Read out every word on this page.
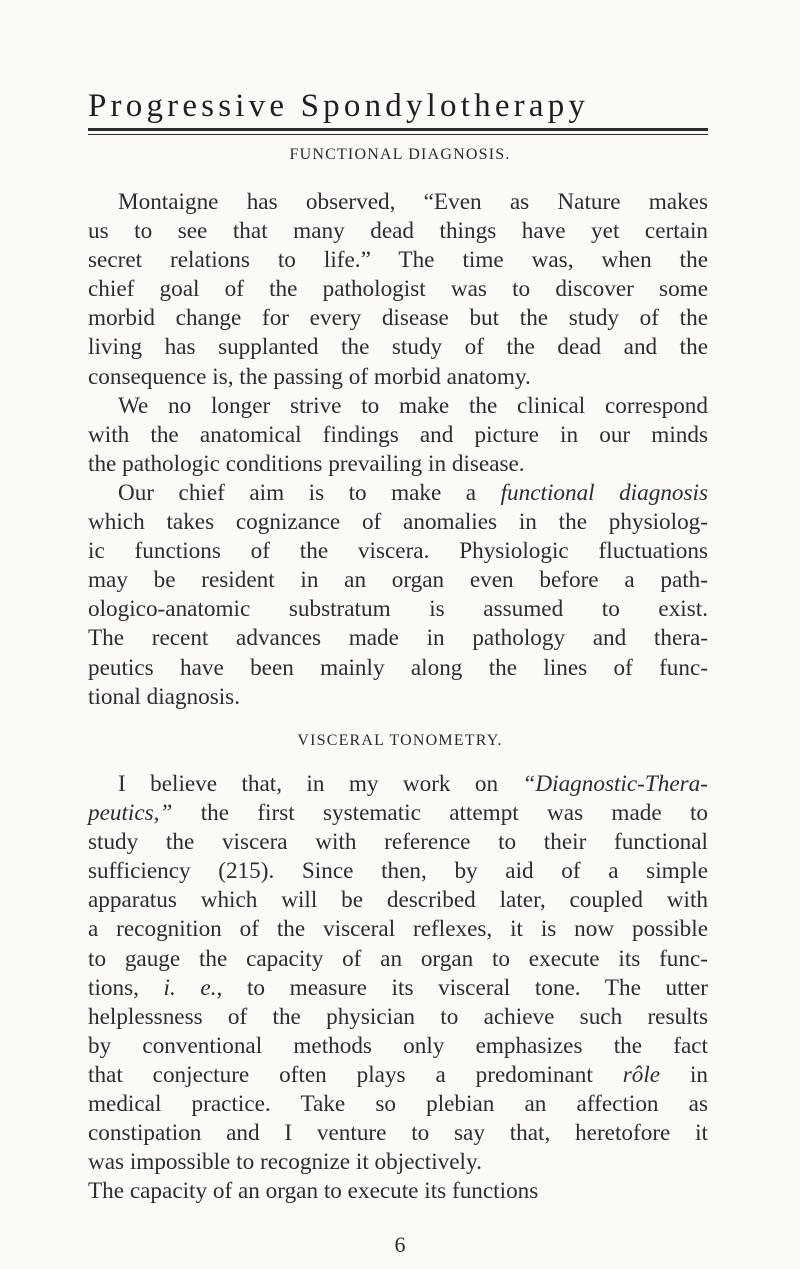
Progressive Spondylotherapy
FUNCTIONAL DIAGNOSIS.
Montaigne has observed, “Even as Nature makes
us to see that many dead things have yet certain
secret relations to life.” The time was, when the
chief goal of the pathologist was to discover some
morbid change for every disease but the study of the
living has supplanted the study of the dead and the
consequence is, the passing of morbid anatomy.
We no longer strive to make the clinical correspond
with the anatomical findings and picture in our minds
the pathologic conditions prevailing in disease.
Our chief aim is to make a functional diagnosis
which takes cognizance of anomalies in the physiolog-
ic functions of the viscera. Physiologic fluctuations
may be resident in an organ even before a path-
ologico-anatomic substratum is assumed to exist.
The recent advances made in pathology and thera-
peutics have been mainly along the lines of func-
tional diagnosis.
VISCERAL TONOMETRY.
I believe that, in my work on “Diagnostic-Thera-
peutics,” the first systematic attempt was made to
study the viscera with reference to their functional
sufficiency (215). Since then, by aid of a simple
apparatus which will be described later, coupled with
a recognition of the visceral reflexes, it is now possible
to gauge the capacity of an organ to execute its func-
tions, i. e., to measure its visceral tone. The utter
helplessness of the physician to achieve such results
by conventional methods only emphasizes the fact
that conjecture often plays a predominant rôle in
medical practice. Take so plebian an affection as
constipation and I venture to say that, heretofore it
was impossible to recognize it objectively.
The capacity of an organ to execute its functions
6
